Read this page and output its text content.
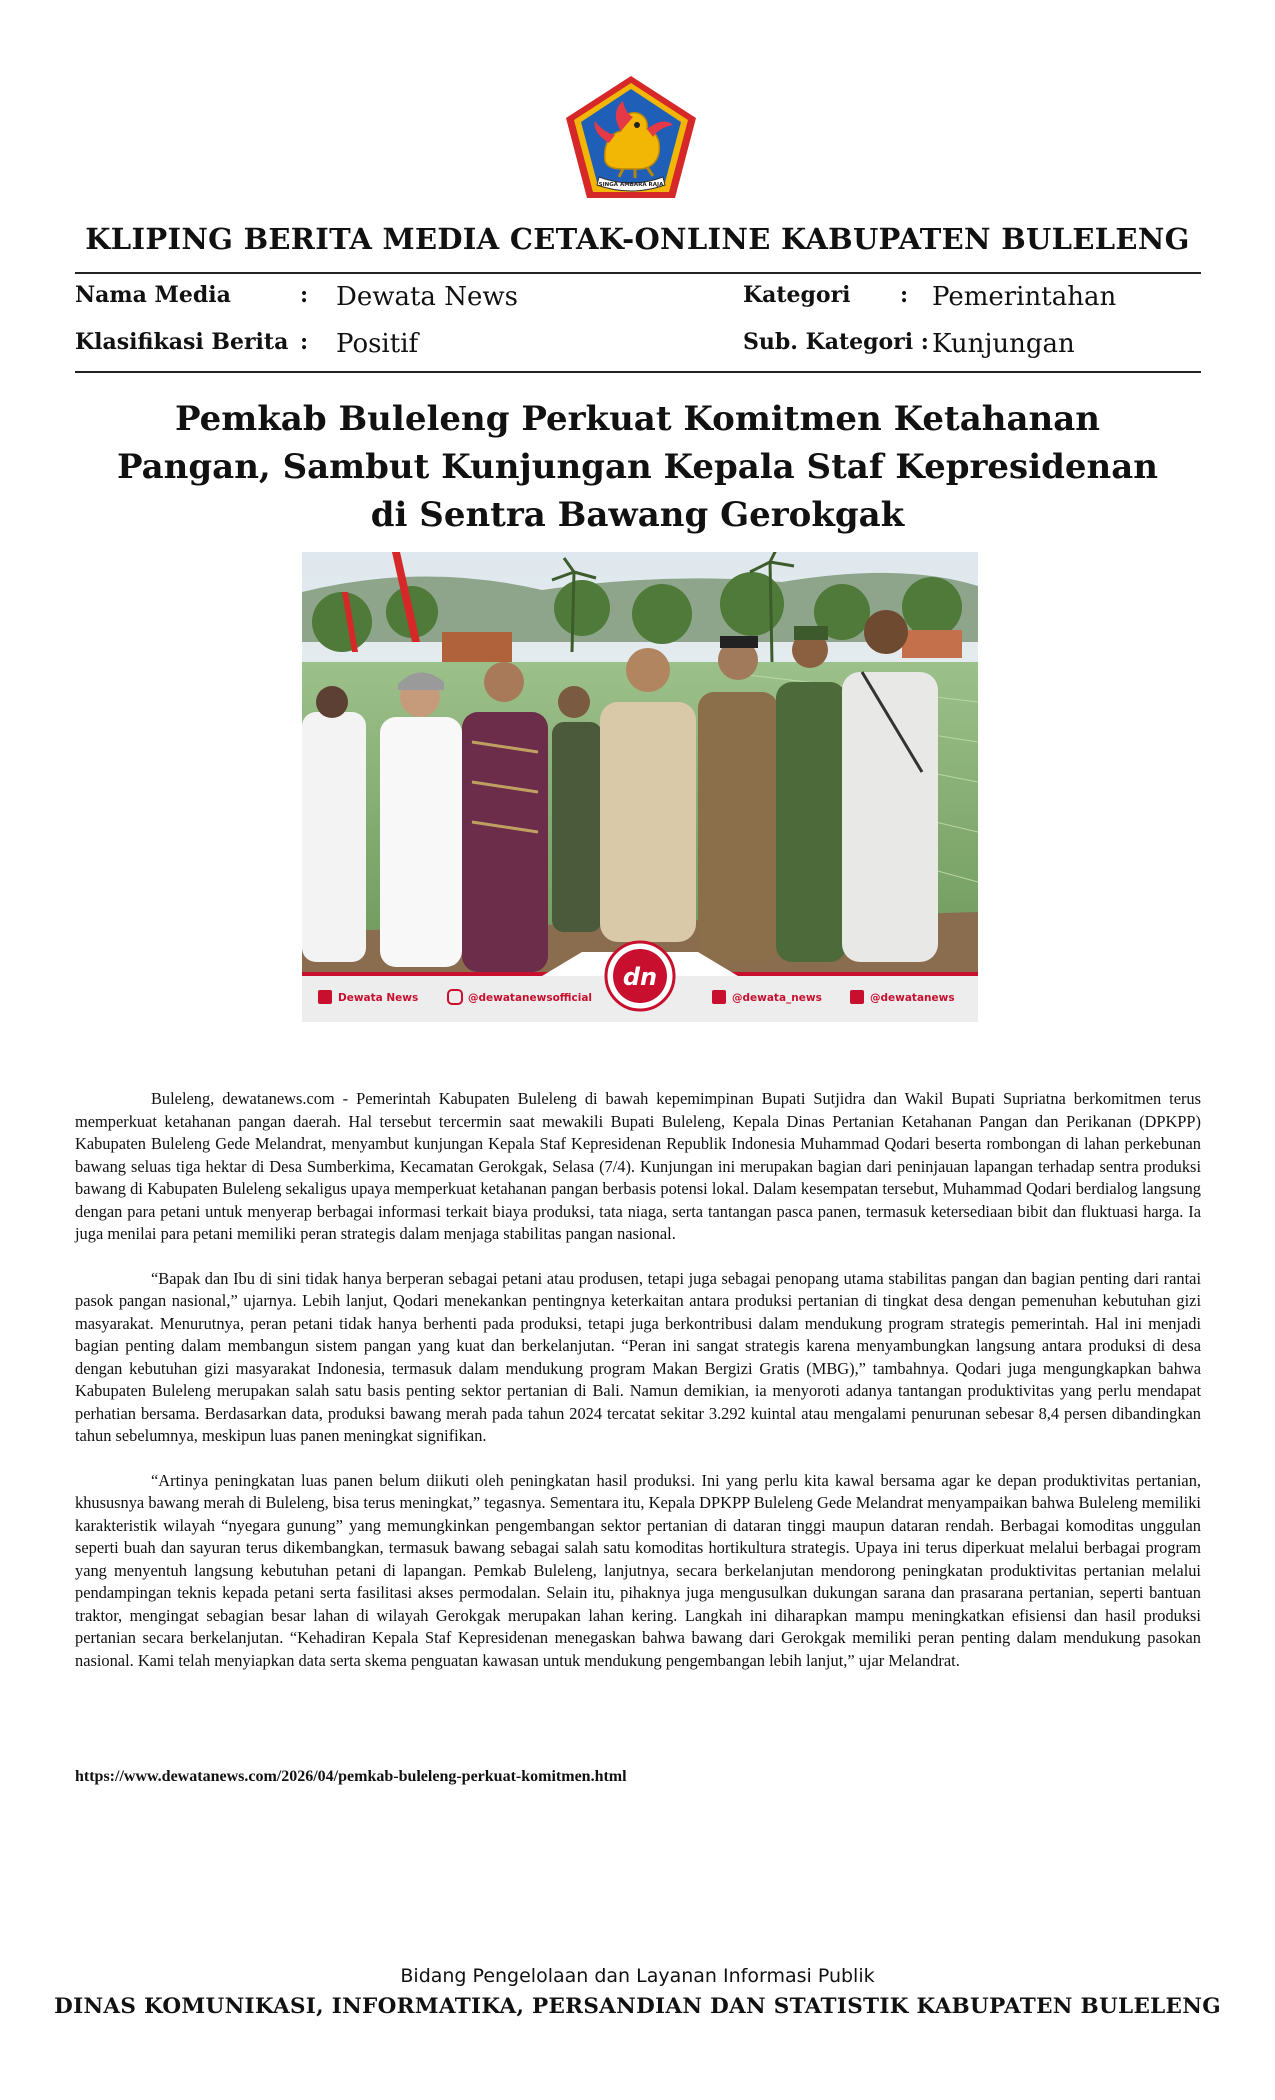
SINGA AMBARA RAJA
KLIPING BERITA MEDIA CETAK-ONLINE KABUPATEN BULELENG
Nama Media	: Dewata News	Kategori : Pemerintahan
Klasifikasi Berita : Positif	Sub. Kategori : Kunjungan
Pemkab Buleleng Perkuat Komitmen Ketahanan Pangan, Sambut Kunjungan Kepala Staf Kepresidenan di Sentra Bawang Gerokgak
dn
Dewata News	@dewatanewsofficial	@dewata_news	@dewatanews

Buleleng, dewatanews.com - Pemerintah Kabupaten Buleleng di bawah kepemimpinan Bupati Sutjidra dan Wakil Bupati Supriatna berkomitmen terus memperkuat ketahanan pangan daerah. Hal tersebut tercermin saat mewakili Bupati Buleleng, Kepala Dinas Pertanian Ketahanan Pangan dan Perikanan (DPKPP) Kabupaten Buleleng Gede Melandrat, menyambut kunjungan Kepala Staf Kepresidenan Republik Indonesia Muhammad Qodari beserta rombongan di lahan perkebunan bawang seluas tiga hektar di Desa Sumberkima, Kecamatan Gerokgak, Selasa (7/4). Kunjungan ini merupakan bagian dari peninjauan lapangan terhadap sentra produksi bawang di Kabupaten Buleleng sekaligus upaya memperkuat ketahanan pangan berbasis potensi lokal. Dalam kesempatan tersebut, Muhammad Qodari berdialog langsung dengan para petani untuk menyerap berbagai informasi terkait biaya produksi, tata niaga, serta tantangan pasca panen, termasuk ketersediaan bibit dan fluktuasi harga. Ia juga menilai para petani memiliki peran strategis dalam menjaga stabilitas pangan nasional.

“Bapak dan Ibu di sini tidak hanya berperan sebagai petani atau produsen, tetapi juga sebagai penopang utama stabilitas pangan dan bagian penting dari rantai pasok pangan nasional,” ujarnya. Lebih lanjut, Qodari menekankan pentingnya keterkaitan antara produksi pertanian di tingkat desa dengan pemenuhan kebutuhan gizi masyarakat. Menurutnya, peran petani tidak hanya berhenti pada produksi, tetapi juga berkontribusi dalam mendukung program strategis pemerintah. Hal ini menjadi bagian penting dalam membangun sistem pangan yang kuat dan berkelanjutan. “Peran ini sangat strategis karena menyambungkan langsung antara produksi di desa dengan kebutuhan gizi masyarakat Indonesia, termasuk dalam mendukung program Makan Bergizi Gratis (MBG),” tambahnya. Qodari juga mengungkapkan bahwa Kabupaten Buleleng merupakan salah satu basis penting sektor pertanian di Bali. Namun demikian, ia menyoroti adanya tantangan produktivitas yang perlu mendapat perhatian bersama. Berdasarkan data, produksi bawang merah pada tahun 2024 tercatat sekitar 3.292 kuintal atau mengalami penurunan sebesar 8,4 persen dibandingkan tahun sebelumnya, meskipun luas panen meningkat signifikan.

“Artinya peningkatan luas panen belum diikuti oleh peningkatan hasil produksi. Ini yang perlu kita kawal bersama agar ke depan produktivitas pertanian, khususnya bawang merah di Buleleng, bisa terus meningkat,” tegasnya. Sementara itu, Kepala DPKPP Buleleng Gede Melandrat menyampaikan bahwa Buleleng memiliki karakteristik wilayah “nyegara gunung” yang memungkinkan pengembangan sektor pertanian di dataran tinggi maupun dataran rendah. Berbagai komoditas unggulan seperti buah dan sayuran terus dikembangkan, termasuk bawang sebagai salah satu komoditas hortikultura strategis. Upaya ini terus diperkuat melalui berbagai program yang menyentuh langsung kebutuhan petani di lapangan. Pemkab Buleleng, lanjutnya, secara berkelanjutan mendorong peningkatan produktivitas pertanian melalui pendampingan teknis kepada petani serta fasilitasi akses permodalan. Selain itu, pihaknya juga mengusulkan dukungan sarana dan prasarana pertanian, seperti bantuan traktor, mengingat sebagian besar lahan di wilayah Gerokgak merupakan lahan kering. Langkah ini diharapkan mampu meningkatkan efisiensi dan hasil produksi pertanian secara berkelanjutan. “Kehadiran Kepala Staf Kepresidenan menegaskan bahwa bawang dari Gerokgak memiliki peran penting dalam mendukung pasokan nasional. Kami telah menyiapkan data serta skema penguatan kawasan untuk mendukung pengembangan lebih lanjut,” ujar Melandrat.

https://www.dewatanews.com/2026/04/pemkab-buleleng-perkuat-komitmen.html
Bidang Pengelolaan dan Layanan Informasi Publik
DINAS KOMUNIKASI, INFORMATIKA, PERSANDIAN DAN STATISTIK KABUPATEN BULELENG
